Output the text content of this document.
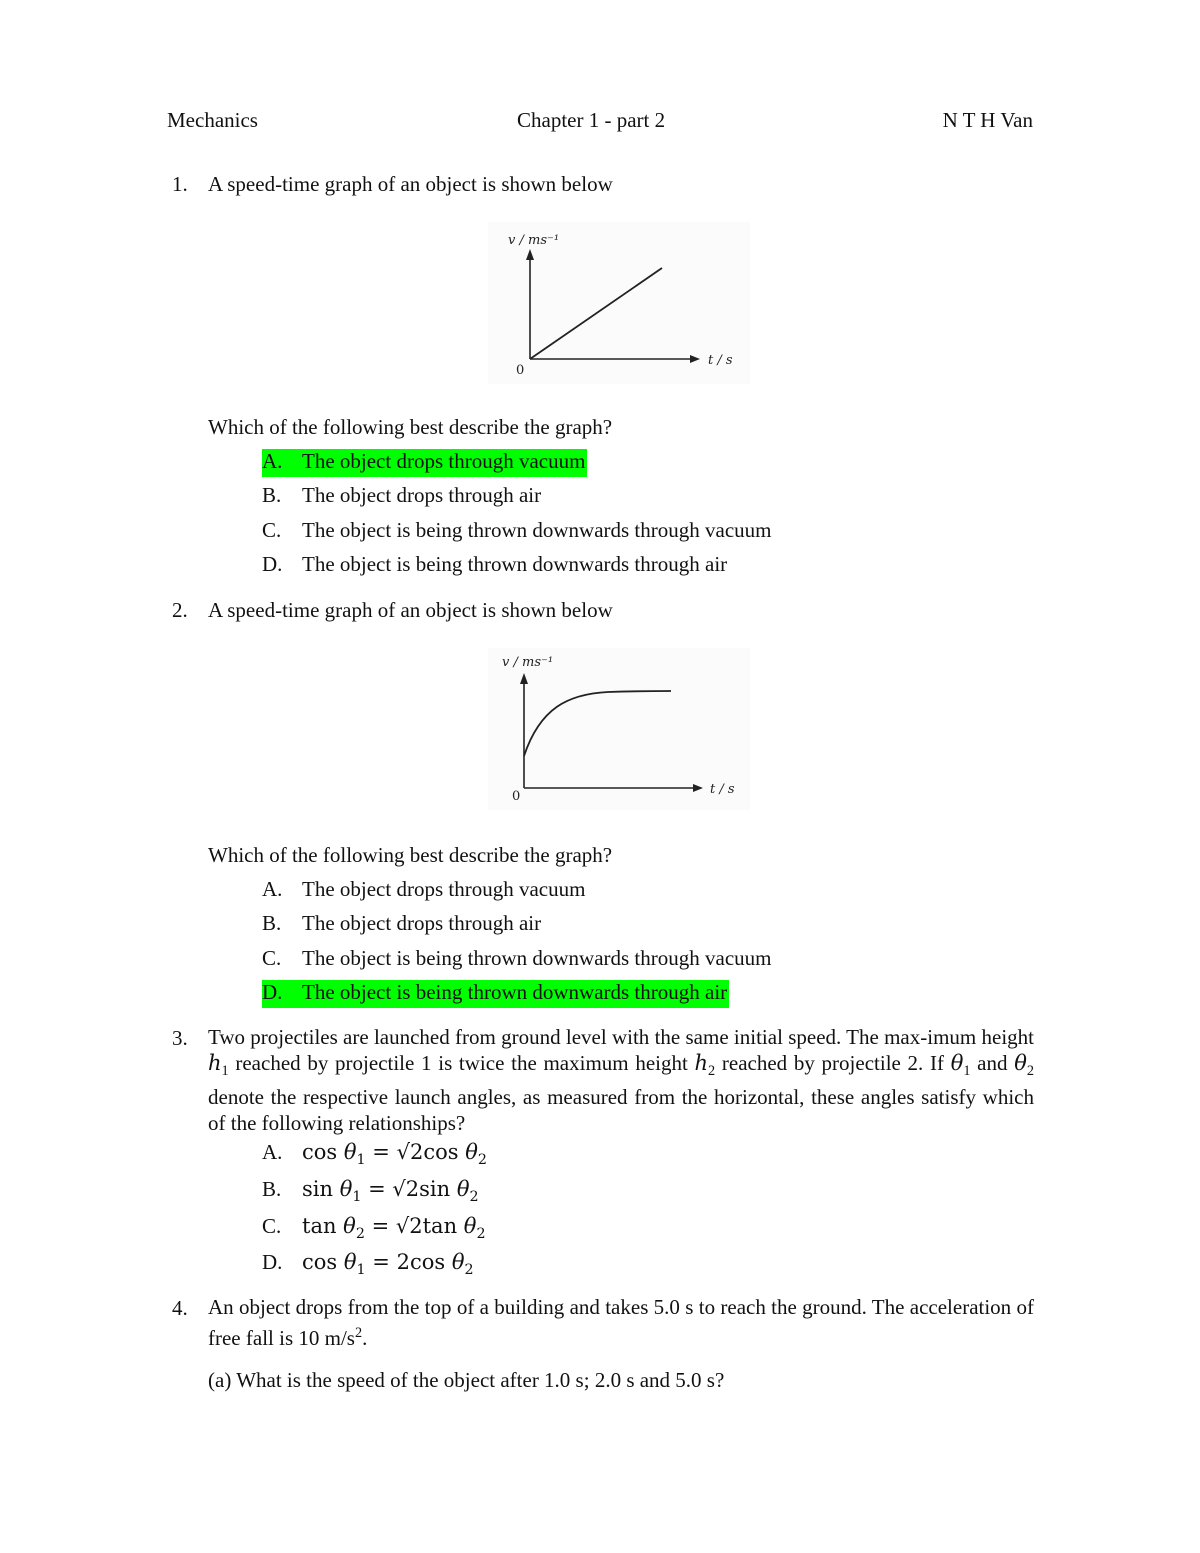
Mechanics	Chapter 1 - part 2	N T H Van
1. A speed-time graph of an object is shown below
v / ms⁻¹
t / s
0
Which of the following best describe the graph?
A. The object drops through vacuum
B. The object drops through air
C. The object is being thrown downwards through vacuum
D. The object is being thrown downwards through air
2. A speed-time graph of an object is shown below
v / ms⁻¹
t / s
0
Which of the following best describe the graph?
A. The object drops through vacuum
B. The object drops through air
C. The object is being thrown downwards through vacuum
D. The object is being thrown downwards through air
3. Two projectiles are launched from ground level with the same initial speed. The max-imum height $h_1$ reached by projectile 1 is twice the maximum height $h_2$ reached by projectile 2. If $\theta_1$ and $\theta_2$ denote the respective launch angles, as measured from the horizontal, these angles satisfy which of the following relationships?
A. $\cos \theta_1 = √2\cos$ $\theta_2$
B. $\sin \theta_1 = √2\sin$ $\theta_2$
C. $\tan \theta_2 = √2\tan$ $\theta_2$
D. $\cos \theta_1 = 2\cos$ $\theta_2$
4. An object drops from the top of a building and takes 5.0 s to reach the ground. The acceleration of free fall is 10 $m/s^2$.
(a) What is the speed of the object after 1.0 s; 2.0 s and 5.0 s?
